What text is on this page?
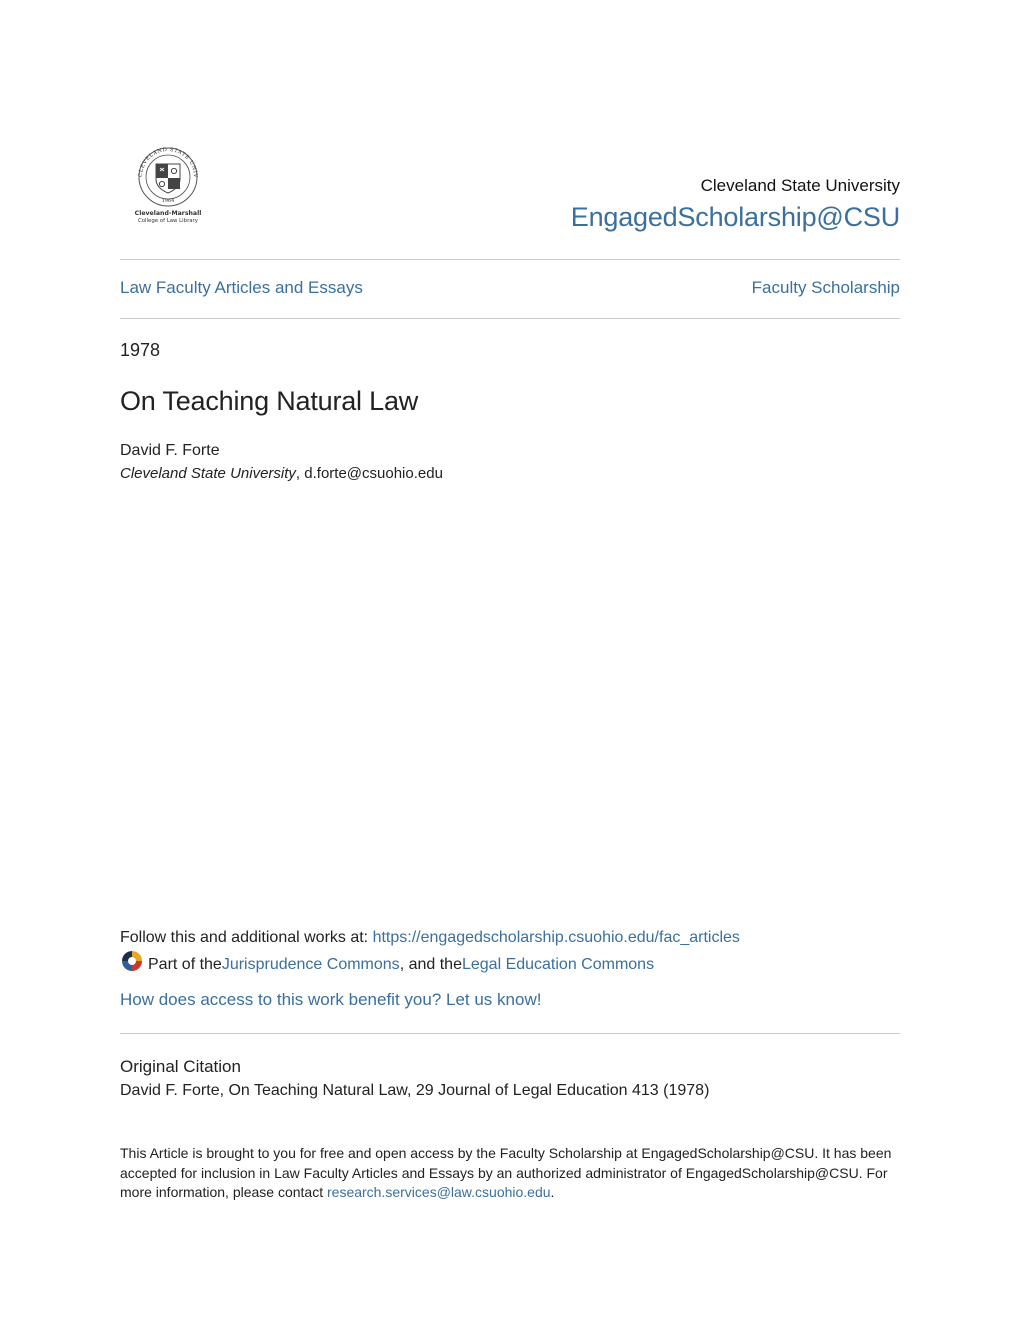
CLEVELAND STATE UNIV
1964
Cleveland-Marshall
College of Law Library
Cleveland State University
EngagedScholarship@CSU
Law Faculty Articles and Essays	Faculty Scholarship
1978
On Teaching Natural Law
David F. Forte
Cleveland State University, d.forte@csuohio.edu
Follow this and additional works at: https://engagedscholarship.csuohio.edu/fac_articles
Part of the Jurisprudence Commons , and the Legal Education Commons
How does access to this work benefit you? Let us know!
Original Citation
David F. Forte, On Teaching Natural Law, 29 Journal of Legal Education 413 (1978)
This Article is brought to you for free and open access by the Faculty Scholarship at EngagedScholarship@CSU. It has been accepted for inclusion in Law Faculty Articles and Essays by an authorized administrator of EngagedScholarship@CSU. For more information, please contact research.services@law.csuohio.edu.
